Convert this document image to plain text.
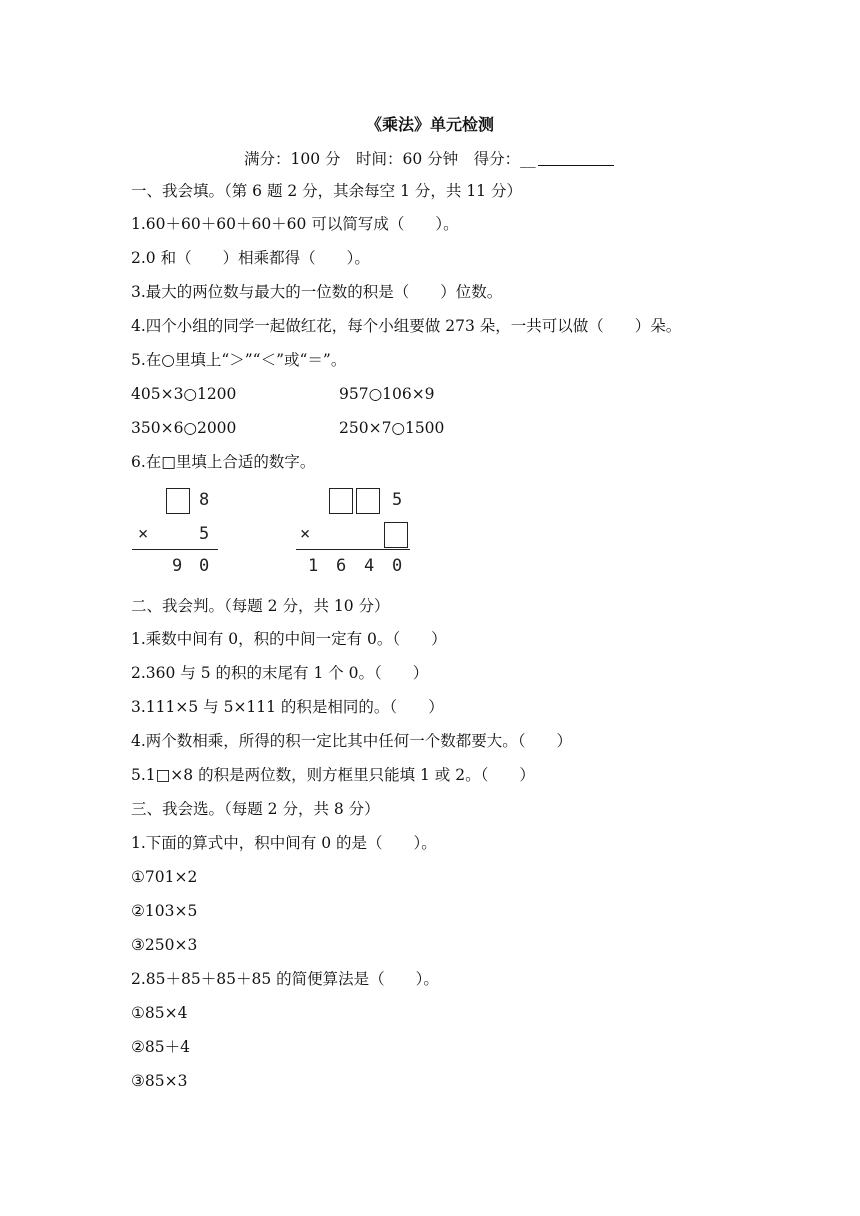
《乘法》单元检测
满分：100 分　时间：60 分钟　得分：__
一、我会填。（第 6 题 2 分，其余每空 1 分，共 11 分）
1.60＋60＋60＋60＋60 可以简写成（　　）。
2.0 和（　　）相乘都得（　　）。
3.最大的两位数与最大的一位数的积是（　　）位数。
4.四个小组的同学一起做红花，每个小组要做 273 朵，一共可以做（　　）朵。
5.在○里填上“＞”“＜”或“＝”。
405×3○1200	957○106×9
350×6○2000	250×7○1500
6.在□里填上合适的数字。
8
×	5
9 0
5
×
1 6 4 0
二、我会判。（每题 2 分，共 10 分）
1.乘数中间有 0，积的中间一定有 0。（　　）
2.360 与 5 的积的末尾有 1 个 0。（　　）
3.111×5 与 5×111 的积是相同的。（　　）
4.两个数相乘，所得的积一定比其中任何一个数都要大。（　　）
5.1□×8 的积是两位数，则方框里只能填 1 或 2。（　　）
三、我会选。（每题 2 分，共 8 分）
1.下面的算式中，积中间有 0 的是（　　）。
①701×2
②103×5
③250×3
2.85＋85＋85＋85 的简便算法是（　　）。
①85×4
②85＋4
③85×3
